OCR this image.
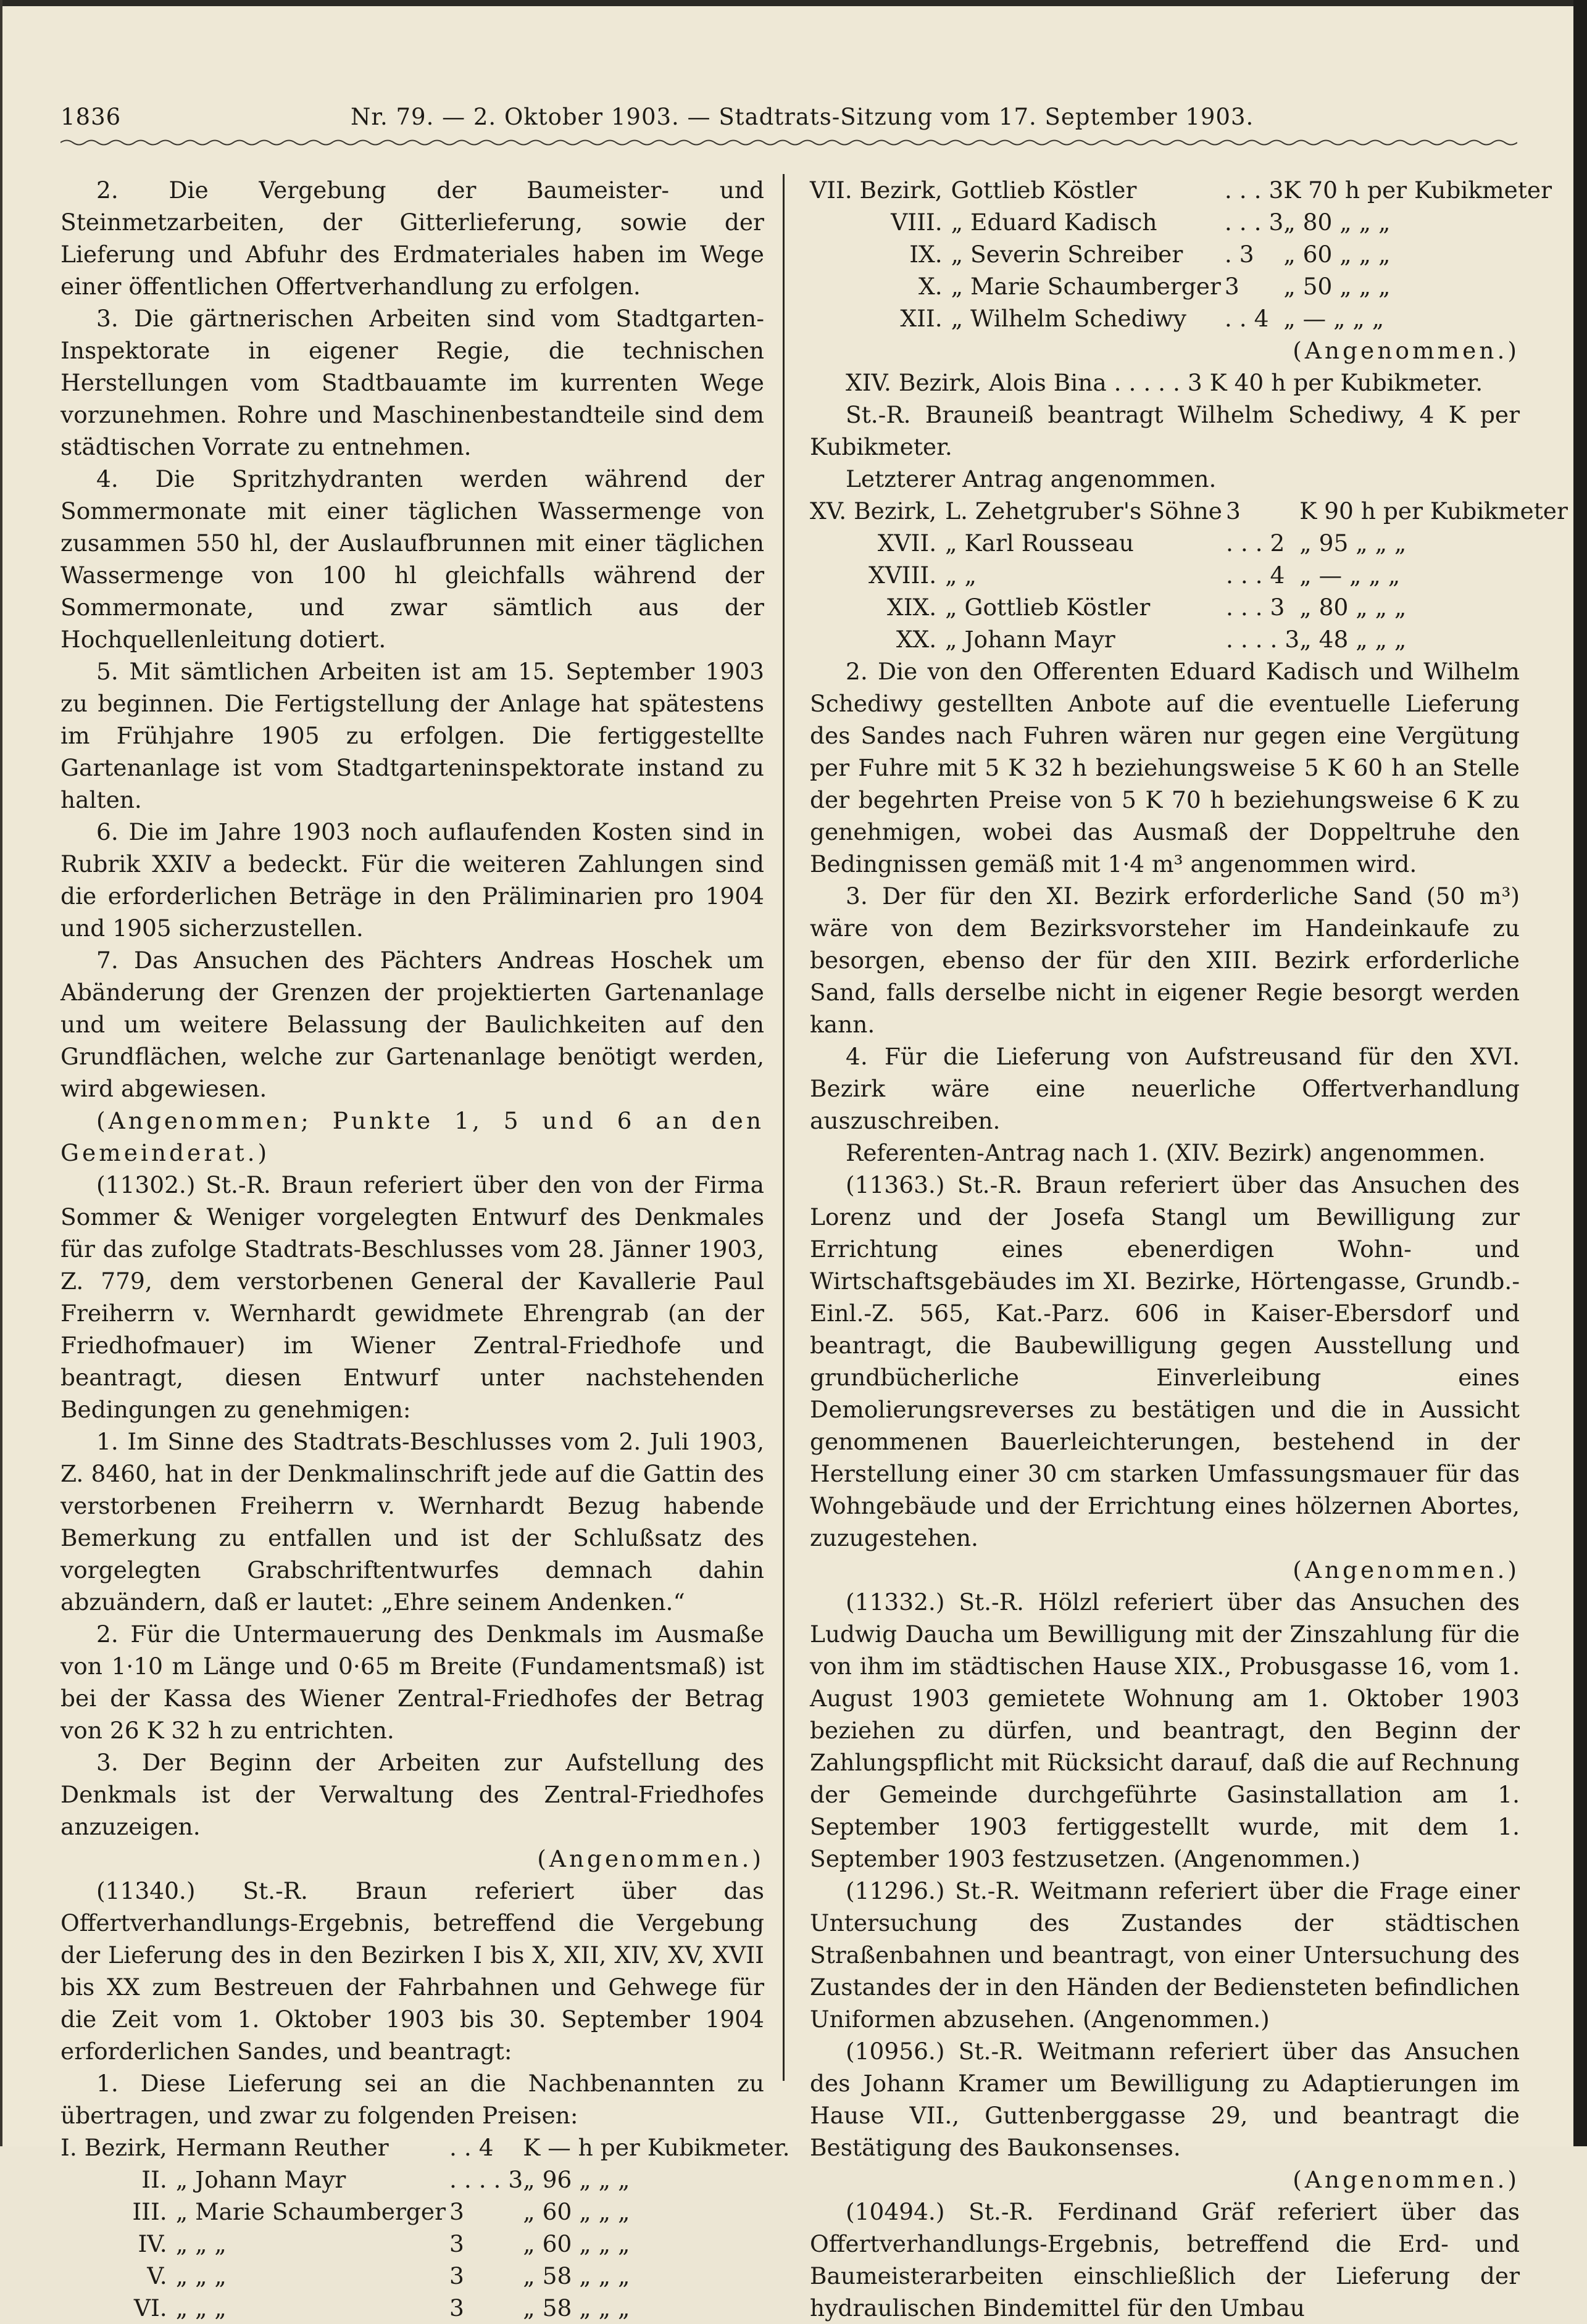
1836	Nr. 79. — 2. Oktober 1903. — Stadtrats-Sitzung vom 17. September 1903.

2. Die Vergebung der Baumeister- und Steinmetzarbeiten, der Gitterlieferung, sowie der Lieferung und Abfuhr des Erdmateriales haben im Wege einer öffentlichen Offertverhandlung zu erfolgen.

3. Die gärtnerischen Arbeiten sind vom Stadtgarten-Inspektorate in eigener Regie, die technischen Herstellungen vom Stadtbauamte im kurrenten Wege vorzunehmen. Rohre und Maschinenbestandteile sind dem städtischen Vorrate zu entnehmen.

4. Die Spritzhydranten werden während der Sommermonate mit einer täglichen Wassermenge von zusammen 550 hl, der Auslaufbrunnen mit einer täglichen Wassermenge von 100 hl gleichfalls während der Sommermonate, und zwar sämtlich aus der Hochquellenleitung dotiert.

5. Mit sämtlichen Arbeiten ist am 15. September 1903 zu beginnen. Die Fertigstellung der Anlage hat spätestens im Frühjahre 1905 zu erfolgen. Die fertiggestellte Gartenanlage ist vom Stadtgarteninspektorate instand zu halten.

6. Die im Jahre 1903 noch auflaufenden Kosten sind in Rubrik XXIV a bedeckt. Für die weiteren Zahlungen sind die erforderlichen Beträge in den Präliminarien pro 1904 und 1905 sicherzustellen.

7. Das Ansuchen des Pächters Andreas Hoschek um Abänderung der Grenzen der projektierten Gartenanlage und um weitere Belassung der Baulichkeiten auf den Grundflächen, welche zur Gartenanlage benötigt werden, wird abgewiesen.

(Angenommen; Punkte 1, 5 und 6 an den Gemeinderat.)

(11302.) St.-R. Braun referiert über den von der Firma Sommer & Weniger vorgelegten Entwurf des Denkmales für das zufolge Stadtrats-Beschlusses vom 28. Jänner 1903, Z. 779, dem verstorbenen General der Kavallerie Paul Freiherrn v. Wernhardt gewidmete Ehrengrab (an der Friedhofmauer) im Wiener Zentral-Friedhofe und beantragt, diesen Entwurf unter nachstehenden Bedingungen zu genehmigen:

1. Im Sinne des Stadtrats-Beschlusses vom 2. Juli 1903, Z. 8460, hat in der Denkmalinschrift jede auf die Gattin des verstorbenen Freiherrn v. Wernhardt Bezug habende Bemerkung zu entfallen und ist der Schlußsatz des vorgelegten Grabschriftentwurfes demnach dahin abzuändern, daß er lautet: „Ehre seinem Andenken.“

2. Für die Untermauerung des Denkmals im Ausmaße von 1·10 m Länge und 0·65 m Breite (Fundamentsmaß) ist bei der Kassa des Wiener Zentral-Friedhofes der Betrag von 26 K 32 h zu entrichten.

3. Der Beginn der Arbeiten zur Aufstellung des Denkmals ist der Verwaltung des Zentral-Friedhofes anzuzeigen.

(Angenommen.)

(11340.) St.-R. Braun referiert über das Offertverhandlungs-Ergebnis, betreffend die Vergebung der Lieferung des in den Bezirken I bis X, XII, XIV, XV, XVII bis XX zum Bestreuen der Fahrbahnen und Gehwege für die Zeit vom 1. Oktober 1903 bis 30. September 1904 erforderlichen Sandes, und beantragt:

1. Diese Lieferung sei an die Nachbenannten zu übertragen, und zwar zu folgenden Preisen:

I. Bezirk,	Hermann Reuther	. . 4	K — h per Kubikmeter.
II.	„ Johann Mayr	. . . . 3	„ 96 „ „ „
III.	„ Marie Schaumberger	3	„ 60 „ „ „
IV.	„ „ „	3	„ 60 „ „ „
V.	„ „ „	3	„ 58 „ „ „
VI.	„ „ „	3	„ 58 „ „ „
VII. Bezirk,	Gottlieb Köstler	. . . 3	K 70 h per Kubikmeter
VIII.	„ Eduard Kadisch	. . . 3	„ 80 „ „ „
IX.	„ Severin Schreiber	. 3	„ 60 „ „ „
X.	„ Marie Schaumberger	3	„ 50 „ „ „
XII.	„ Wilhelm Schediwy	. . 4	„ — „ „ „

(Angenommen.)

XIV. Bezirk, Alois Bina . . . . . 3 K 40 h per Kubikmeter.

St.-R. Brauneiß beantragt Wilhelm Schediwy, 4 K per Kubikmeter.

Letzterer Antrag angenommen.

XV. Bezirk,	L. Zehetgruber's Söhne	3	K 90 h per Kubikmeter
XVII.	„ Karl Rousseau	. . . 2	„ 95 „ „ „
XVIII.	„ „	. . . 4	„ — „ „ „
XIX.	„ Gottlieb Köstler	. . . 3	„ 80 „ „ „
XX.	„ Johann Mayr	. . . . 3	„ 48 „ „ „

2. Die von den Offerenten Eduard Kadisch und Wilhelm Schediwy gestellten Anbote auf die eventuelle Lieferung des Sandes nach Fuhren wären nur gegen eine Vergütung per Fuhre mit 5 K 32 h beziehungsweise 5 K 60 h an Stelle der begehrten Preise von 5 K 70 h beziehungsweise 6 K zu genehmigen, wobei das Ausmaß der Doppeltruhe den Bedingnissen gemäß mit 1·4 m³ angenommen wird.

3. Der für den XI. Bezirk erforderliche Sand (50 m³) wäre von dem Bezirksvorsteher im Handeinkaufe zu besorgen, ebenso der für den XIII. Bezirk erforderliche Sand, falls derselbe nicht in eigener Regie besorgt werden kann.

4. Für die Lieferung von Aufstreusand für den XVI. Bezirk wäre eine neuerliche Offertverhandlung auszuschreiben.

Referenten-Antrag nach 1. (XIV. Bezirk) angenommen.

(11363.) St.-R. Braun referiert über das Ansuchen des Lorenz und der Josefa Stangl um Bewilligung zur Errichtung eines ebenerdigen Wohn- und Wirtschaftsgebäudes im XI. Bezirke, Hörtengasse, Grundb.-Einl.-Z. 565, Kat.-Parz. 606 in Kaiser-Ebersdorf und beantragt, die Baubewilligung gegen Ausstellung und grundbücherliche Einverleibung eines Demolierungsreverses zu bestätigen und die in Aussicht genommenen Bauerleichterungen, bestehend in der Herstellung einer 30 cm starken Umfassungsmauer für das Wohngebäude und der Errichtung eines hölzernen Abortes, zuzugestehen.

(Angenommen.)

(11332.) St.-R. Hölzl referiert über das Ansuchen des Ludwig Daucha um Bewilligung mit der Zinszahlung für die von ihm im städtischen Hause XIX., Probusgasse 16, vom 1. August 1903 gemietete Wohnung am 1. Oktober 1903 beziehen zu dürfen, und beantragt, den Beginn der Zahlungspflicht mit Rücksicht darauf, daß die auf Rechnung der Gemeinde durchgeführte Gasinstallation am 1. September 1903 fertiggestellt wurde, mit dem 1. September 1903 festzusetzen. (Angenommen.)

(11296.) St.-R. Weitmann referiert über die Frage einer Untersuchung des Zustandes der städtischen Straßenbahnen und beantragt, von einer Untersuchung des Zustandes der in den Händen der Bediensteten befindlichen Uniformen abzusehen. (Angenommen.)

(10956.) St.-R. Weitmann referiert über das Ansuchen des Johann Kramer um Bewilligung zu Adaptierungen im Hause VII., Guttenberggasse 29, und beantragt die Bestätigung des Baukonsenses.

(Angenommen.)

(10494.) St.-R. Ferdinand Gräf referiert über das Offertverhandlungs-Ergebnis, betreffend die Erd- und Baumeisterarbeiten einschließlich der Lieferung der hydraulischen Bindemittel für den Umbau
